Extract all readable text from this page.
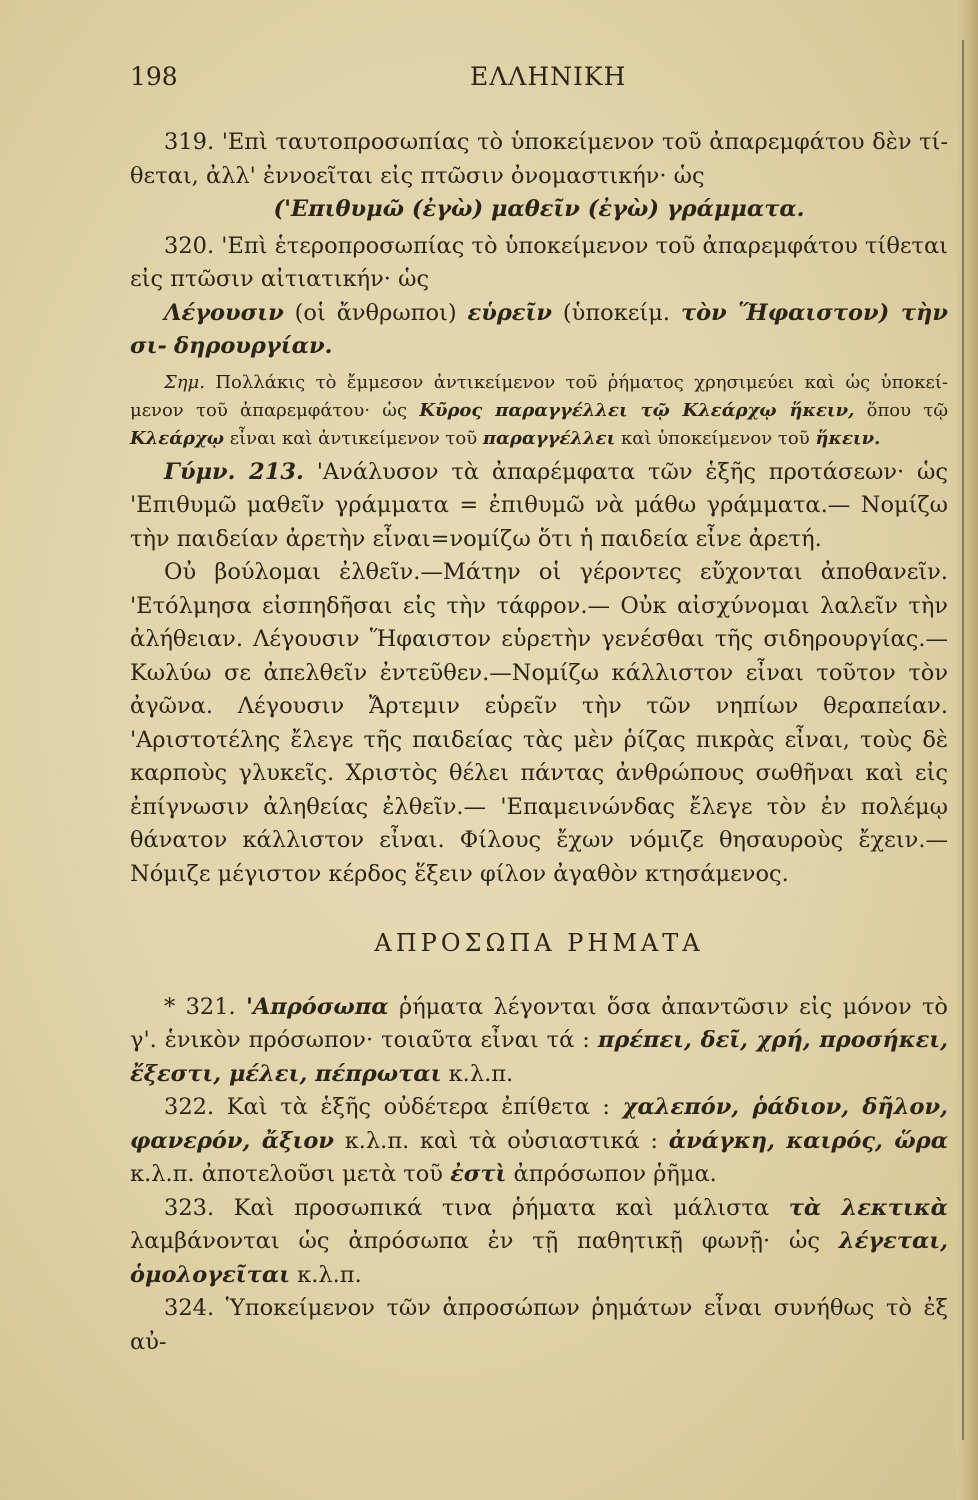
198	ΕΛΛΗΝΙΚΗ

319. 'Επὶ ταυτοπροσωπίας τὸ ὑποκείμενον τοῦ ἀπαρεμφάτου δὲν τί- θεται, ἀλλ' ἐννοεῖται εἰς πτῶσιν ὀνομαστικήν· ὡς

('Επιθυμῶ (ἐγὼ) μαθεῖν (ἐγὼ) γράμματα.

320. 'Επὶ ἑτεροπροσωπίας τὸ ὑποκείμενον τοῦ ἀπαρεμφάτου τίθεται εἰς πτῶσιν αἰτιατικήν· ὡς

Λέγουσιν (οἱ ἄνθρωποι) εὑρεῖν (ὑποκείμ. τὸν Ἥφαιστον) τὴν σι- δηρουργίαν.

Σημ. Πολλάκις τὸ ἔμμεσον ἀντικείμενον τοῦ ῥήματος χρησιμεύει καὶ ὡς ὑποκεί- μενον τοῦ ἀπαρεμφάτου· ὡς Κῦρος παραγγέλλει τῷ Κλεάρχῳ ἥκειν, ὅπου τῷ Κλεάρχῳ εἶναι καὶ ἀντικείμενον τοῦ παραγγέλλει καὶ ὑποκείμενον τοῦ ἥκειν.

Γύμν. 213. 'Ανάλυσον τὰ ἀπαρέμφατα τῶν ἑξῆς προτάσεων· ὡς 'Επιθυμῶ μαθεῖν γράμματα = ἐπιθυμῶ νὰ μάθω γράμματα.— Νομίζω τὴν παιδείαν ἀρετὴν εἶναι=νομίζω ὅτι ἡ παιδεία εἶνε ἀρετή.

Οὐ βούλομαι ἐλθεῖν.—Μάτην οἱ γέροντες εὔχονται ἀποθανεῖν. 'Ετόλμησα εἰσπηδῆσαι εἰς τὴν τάφρον.— Οὐκ αἰσχύνομαι λαλεῖν τὴν ἀλήθειαν. Λέγουσιν Ἥφαιστον εὑρετὴν γενέσθαι τῆς σιδηρουργίας.—Κωλύω σε ἀπελθεῖν ἐντεῦθεν.—Νομίζω κάλλιστον εἶναι τοῦτον τὸν ἀγῶνα. Λέγουσιν Ἄρτεμιν εὑρεῖν τὴν τῶν νηπίων θεραπείαν. 'Αριστοτέλης ἔλεγε τῆς παιδείας τὰς μὲν ῥίζας πικρὰς εἶναι, τοὺς δὲ καρποὺς γλυκεῖς. Χριστὸς θέλει πάντας ἀνθρώπους σωθῆναι καὶ εἰς ἐπίγνωσιν ἀληθείας ἐλθεῖν.— 'Επαμεινώνδας ἔλεγε τὸν ἐν πολέμῳ θάνατον κάλλιστον εἶναι. Φίλους ἔχων νόμιζε θησαυροὺς ἔχειν.— Νόμιζε μέγιστον κέρδος ἕξειν φίλον ἀγαθὸν κτησάμενος.

ΑΠΡΟΣΩΠΑ ΡΗΜΑΤΑ

* 321. 'Απρόσωπα ῥήματα λέγονται ὅσα ἀπαντῶσιν εἰς μόνον τὸ γ'. ἑνικὸν πρόσωπον· τοιαῦτα εἶναι τά : πρέπει, δεῖ, χρή, προσήκει, ἔξεστι, μέλει, πέπρωται κ.λ.π.

322. Καὶ τὰ ἑξῆς οὐδέτερα ἐπίθετα : χαλεπόν, ῥάδιον, δῆλον, φανερόν, ἄξιον κ.λ.π. καὶ τὰ οὐσιαστικά : ἀνάγκη, καιρός, ὥρα κ.λ.π. ἀποτελοῦσι μετὰ τοῦ ἐστὶ ἀπρόσωπον ῥῆμα.

323. Καὶ προσωπικά τινα ῥήματα καὶ μάλιστα τὰ λεκτικὰ λαμβάνονται ὡς ἀπρόσωπα ἐν τῇ παθητικῇ φωνῇ· ὡς λέγεται, ὁμολογεῖται κ.λ.π.

324. Ὑποκείμενον τῶν ἀπροσώπων ῥημάτων εἶναι συνήθως τὸ ἐξ αὐ-
